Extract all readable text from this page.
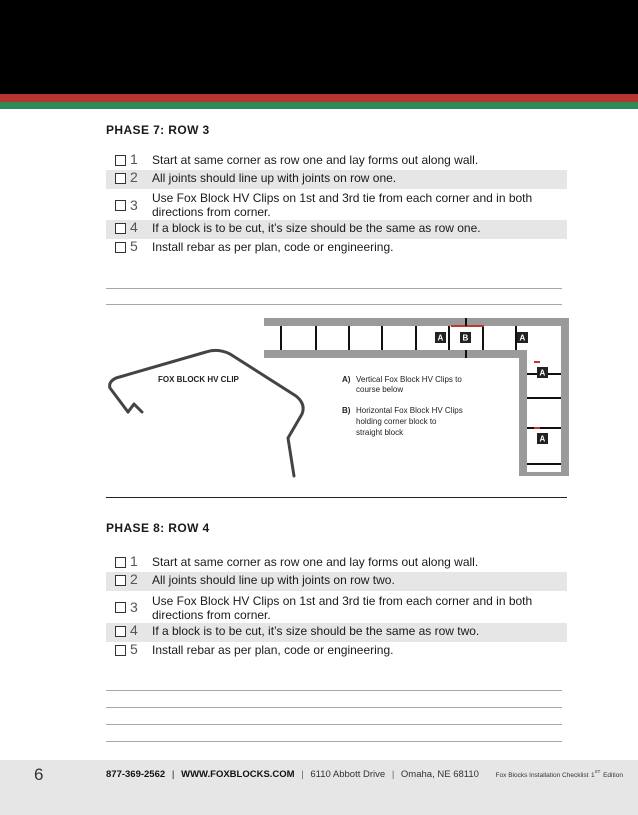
PHASE 7: ROW 3
1	Start at same corner as row one and lay forms out along wall.
2	All joints should line up with joints on row one.
3	Use Fox Block HV Clips on 1st and 3rd tie from each corner and in both directions from corner.
4	If a block is to be cut, it’s size should be the same as row one.
5	Install rebar as per plan, code or engineering.
FOX BLOCK HV CLIP
A B	A
A
A
A) Vertical Fox Block HV Clips to
course below
B) Horizontal Fox Block HV Clips
holding corner block to
straight block
PHASE 8: ROW 4
1	Start at same corner as row one and lay forms out along wall.
2	All joints should line up with joints on row two.
3	Use Fox Block HV Clips on 1st and 3rd tie from each corner and in both directions from corner.
4	If a block is to be cut, it’s size should be the same as row two.
5	Install rebar as per plan, code or engineering.
6	877-369-2562 | WWW.FOXBLOCKS.COM | 6110 Abbott Drive | Omaha, NE 68110	Fox Blocks Installation Checklist 1ST Edition
